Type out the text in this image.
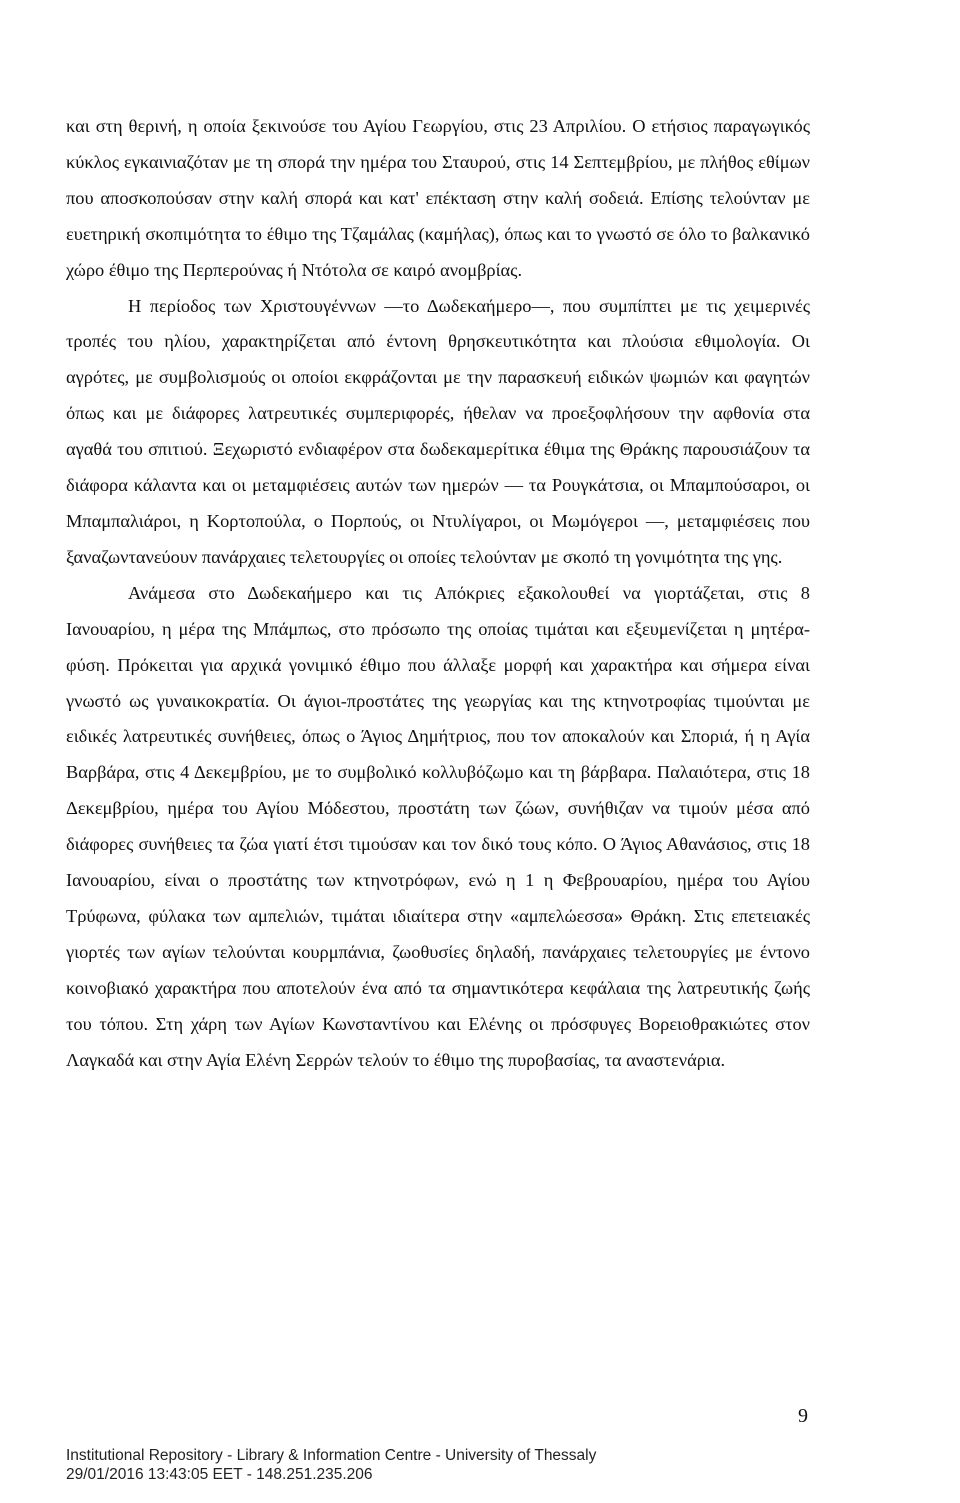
και στη θερινή, η οποία ξεκινούσε του Αγίου Γεωργίου, στις 23 Απριλίου. Ο ετήσιος παραγωγικός κύκλος εγκαινιαζόταν με τη σπορά την ημέρα του Σταυρού, στις 14 Σεπτεμβρίου, με πλήθος εθίμων που αποσκοπούσαν στην καλή σπορά και κατ' επέκταση στην καλή σοδειά. Επίσης τελούνταν με ευετηρική σκοπιμότητα το έθιμο της Τζαμάλας (καμήλας), όπως και το γνωστό σε όλο το βαλκανικό χώρο έθιμο της Περπερούνας ή Ντότολα σε καιρό ανομβρίας.

Η περίοδος των Χριστουγέννων —το Δωδεκαήμερο—, που συμπίπτει με τις χειμερινές τροπές του ηλίου, χαρακτηρίζεται από έντονη θρησκευτικότητα και πλούσια εθιμολογία. Οι αγρότες, με συμβολισμούς οι οποίοι εκφράζονται με την παρασκευή ειδικών ψωμιών και φαγητών όπως και με διάφορες λατρευτικές συμπεριφορές, ήθελαν να προεξοφλήσουν την αφθονία στα αγαθά του σπιτιού. Ξεχωριστό ενδιαφέρον στα δωδεκαμερίτικα έθιμα της Θράκης παρουσιάζουν τα διάφορα κάλαντα και οι μεταμφιέσεις αυτών των ημερών — τα Ρουγκάτσια, οι Μπαμπούσαροι, οι Μπαμπαλιάροι, η Κορτοπούλα, ο Πορπούς, οι Ντυλίγαροι, οι Μωμόγεροι —, μεταμφιέσεις που ξαναζωντανεύουν πανάρχαιες τελετουργίες οι οποίες τελούνταν με σκοπό τη γονιμότητα της γης.

Ανάμεσα στο Δωδεκαήμερο και τις Απόκριες εξακολουθεί να γιορτάζεται, στις 8 Ιανουαρίου, η μέρα της Μπάμπως, στο πρόσωπο της οποίας τιμάται και εξευμενίζεται η μητέρα-φύση. Πρόκειται για αρχικά γονιμικό έθιμο που άλλαξε μορφή και χαρακτήρα και σήμερα είναι γνωστό ως γυναικοκρατία. Οι άγιοι-προστάτες της γεωργίας και της κτηνοτροφίας τιμούνται με ειδικές λατρευτικές συνήθειες, όπως ο Άγιος Δημήτριος, που τον αποκαλούν και Σποριά, ή η Αγία Βαρβάρα, στις 4 Δεκεμβρίου, με το συμβολικό κολλυβόζωμο και τη βάρβαρα. Παλαιότερα, στις 18 Δεκεμβρίου, ημέρα του Αγίου Μόδεστου, προστάτη των ζώων, συνήθιζαν να τιμούν μέσα από διάφορες συνήθειες τα ζώα γιατί έτσι τιμούσαν και τον δικό τους κόπο. Ο Άγιος Αθανάσιος, στις 18 Ιανουαρίου, είναι ο προστάτης των κτηνοτρόφων, ενώ η 1 η Φεβρουαρίου, ημέρα του Αγίου Τρύφωνα, φύλακα των αμπελιών, τιμάται ιδιαίτερα στην «αμπελώεσσα» Θράκη. Στις επετειακές γιορτές των αγίων τελούνται κουρμπάνια, ζωοθυσίες δηλαδή, πανάρχαιες τελετουργίες με έντονο κοινοβιακό χαρακτήρα που αποτελούν ένα από τα σημαντικότερα κεφάλαια της λατρευτικής ζωής του τόπου. Στη χάρη των Αγίων Κωνσταντίνου και Ελένης οι πρόσφυγες Βορειοθρακιώτες στον Λαγκαδά και στην Αγία Ελένη Σερρών τελούν το έθιμο της πυροβασίας, τα αναστενάρια.

9
Institutional Repository - Library & Information Centre - University of Thessaly
29/01/2016 13:43:05 EET - 148.251.235.206
